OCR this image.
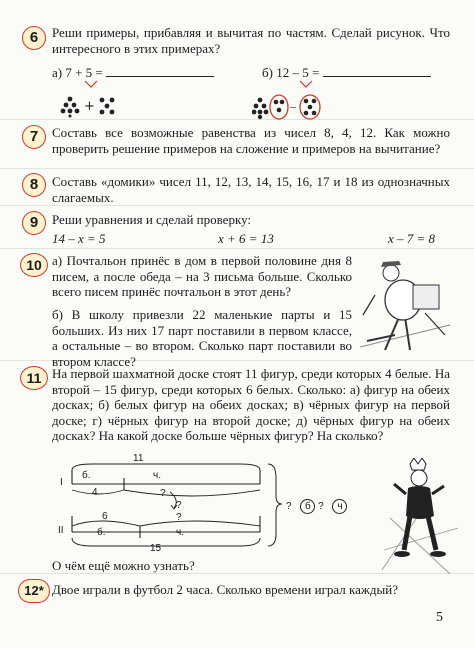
6	Реши примеры, прибавляя и вычитая по частям. Сделай рисунок. Что интересного в этих примерах?
а) 7 + 5 =	б) 12 – 5 =
+	–
7	Составь все возможные равенства из чисел 8, 4, 12. Как можно проверить решение примеров на сложение и примеров на вычитание?
8	Составь «домики» чисел 11, 12, 13, 14, 15, 16, 17 и 18 из однозначных слагаемых.
9	Реши уравнения и сделай проверку:
14 – x = 5	x + 6 = 13	x – 7 = 8
10 а) Почтальон принёс в дом в первой половине дня 8 писем, а после обеда – на 3 письма больше. Сколько всего писем принёс почтальон в этот день?
б) В школу привезли 22 маленькие парты и 15 больших. Из них 17 парт поставили в первом классе, а остальные – во втором. Сколько парт поставили во втором классе?
11 На первой шахматной доске стоят 11 фигур, среди которых 4 белые. На второй – 15 фигур, среди которых 6 белых. Сколько: а) фигур на обеих досках; б) белых фигур на обеих досках; в) чёрных фигур на первой доске; г) чёрных фигур на второй доске; д) чёрных фигур на обеих досках? На какой доске больше чёрных фигур? На сколько?
I
II
11
б.	ч.
4	?
?
6	?
б.	ч.
15
? б ? ч
О чём ещё можно узнать?
12* Двое играли в футбол 2 часа. Сколько времени играл каждый?
5
